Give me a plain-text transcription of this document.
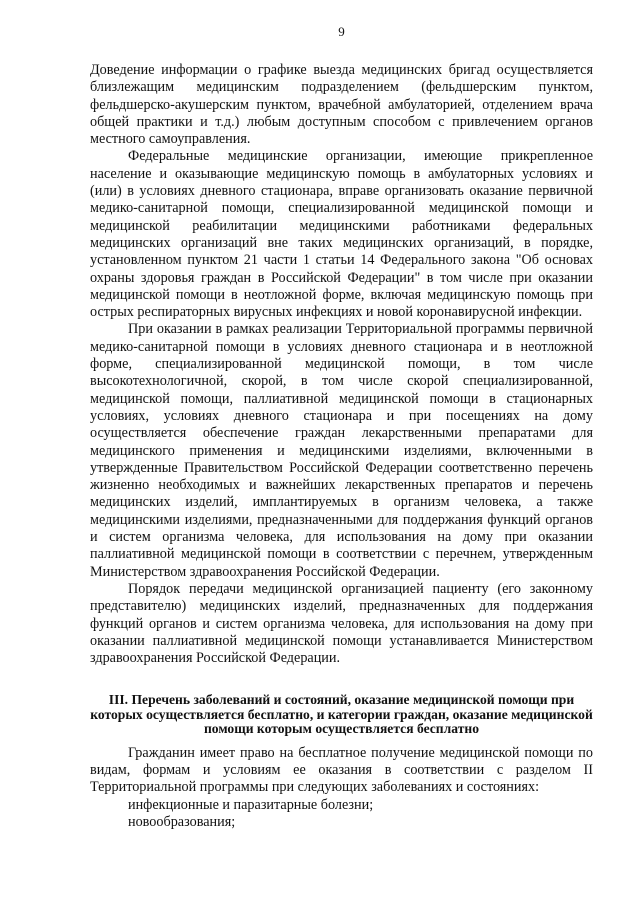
9

Доведение информации о графике выезда медицинских бригад осуществляется близлежащим медицинским подразделением (фельдшерским пунктом, фельдшерско-акушерским пунктом, врачебной амбулаторией, отделением врача общей практики и т.д.) любым доступным способом с привлечением органов местного самоуправления.

Федеральные медицинские организации, имеющие прикрепленное население и оказывающие медицинскую помощь в амбулаторных условиях и (или) в условиях дневного стационара, вправе организовать оказание первичной медико-санитарной помощи, специализированной медицинской помощи и медицинской реабилитации медицинскими работниками федеральных медицинских организаций вне таких медицинских организаций, в порядке, установленном пунктом 21 части 1 статьи 14 Федерального закона "Об основах охраны здоровья граждан в Российской Федерации" в том числе при оказании медицинской помощи в неотложной форме, включая медицинскую помощь при острых респираторных вирусных инфекциях и новой коронавирусной инфекции.

При оказании в рамках реализации Территориальной программы первичной медико-санитарной помощи в условиях дневного стационара и в неотложной форме, специализированной медицинской помощи, в том числе высокотехнологичной, скорой, в том числе скорой специализированной, медицинской помощи, паллиативной медицинской помощи в стационарных условиях, условиях дневного стационара и при посещениях на дому осуществляется обеспечение граждан лекарственными препаратами для медицинского применения и медицинскими изделиями, включенными в утвержденные Правительством Российской Федерации соответственно перечень жизненно необходимых и важнейших лекарственных препаратов и перечень медицинских изделий, имплантируемых в организм человека, а также медицинскими изделиями, предназначенными для поддержания функций органов и систем организма человека, для использования на дому при оказании паллиативной медицинской помощи в соответствии с перечнем, утвержденным Министерством здравоохранения Российской Федерации.

Порядок передачи медицинской организацией пациенту (его законному представителю) медицинских изделий, предназначенных для поддержания функций органов и систем организма человека, для использования на дому при оказании паллиативной медицинской помощи устанавливается Министерством здравоохранения Российской Федерации.

III. Перечень заболеваний и состояний, оказание медицинской помощи при которых осуществляется бесплатно, и категории граждан, оказание медицинской помощи которым осуществляется бесплатно

Гражданин имеет право на бесплатное получение медицинской помощи по видам, формам и условиям ее оказания в соответствии с разделом II Территориальной программы при следующих заболеваниях и состояниях:

инфекционные и паразитарные болезни;

новообразования;
